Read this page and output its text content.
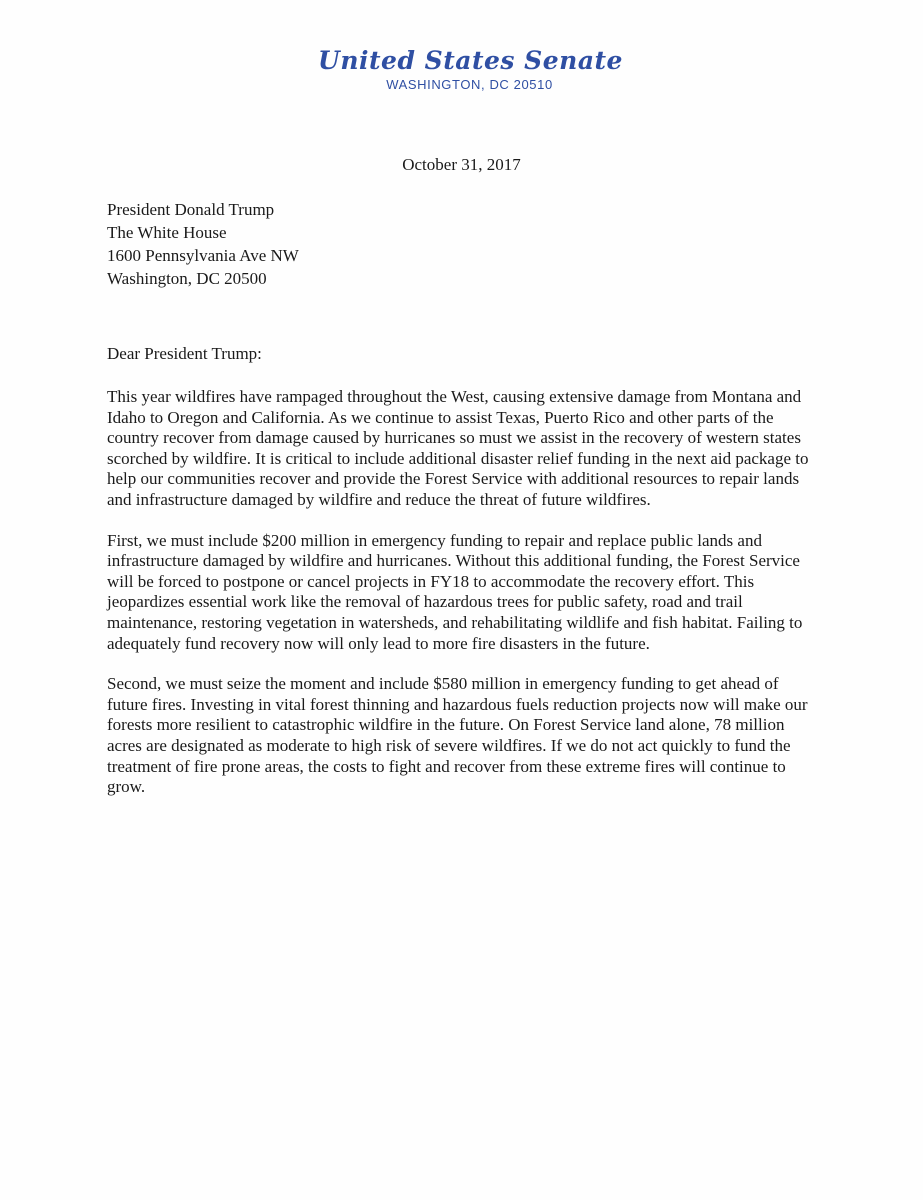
United States Senate
WASHINGTON, DC 20510
October 31, 2017
President Donald Trump
The White House
1600 Pennsylvania Ave NW
Washington, DC 20500
Dear President Trump:

This year wildfires have rampaged throughout the West, causing extensive damage from Montana and Idaho to Oregon and California. As we continue to assist Texas, Puerto Rico and other parts of the country recover from damage caused by hurricanes so must we assist in the recovery of western states scorched by wildfire. It is critical to include additional disaster relief funding in the next aid package to help our communities recover and provide the Forest Service with additional resources to repair lands and infrastructure damaged by wildfire and reduce the threat of future wildfires.

First, we must include $200 million in emergency funding to repair and replace public lands and infrastructure damaged by wildfire and hurricanes. Without this additional funding, the Forest Service will be forced to postpone or cancel projects in FY18 to accommodate the recovery effort. This jeopardizes essential work like the removal of hazardous trees for public safety, road and trail maintenance, restoring vegetation in watersheds, and rehabilitating wildlife and fish habitat. Failing to adequately fund recovery now will only lead to more fire disasters in the future.

Second, we must seize the moment and include $580 million in emergency funding to get ahead of future fires. Investing in vital forest thinning and hazardous fuels reduction projects now will make our forests more resilient to catastrophic wildfire in the future. On Forest Service land alone, 78 million acres are designated as moderate to high risk of severe wildfires. If we do not act quickly to fund the treatment of fire prone areas, the costs to fight and recover from these extreme fires will continue to grow.
